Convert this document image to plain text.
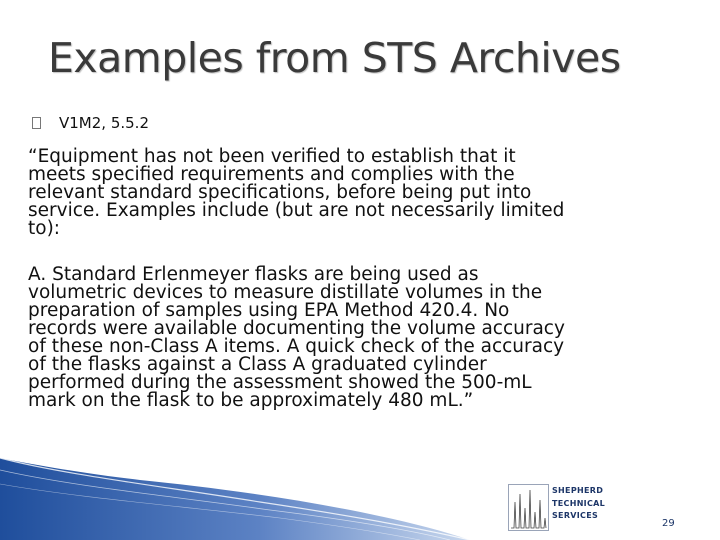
Examples from STS Archives
V1M2, 5.5.2
“Equipment has not been verified to establish that it
meets specified requirements and complies with the
relevant standard specifications, before being put into
service. Examples include (but are not necessarily limited
to):
A. Standard Erlenmeyer flasks are being used as
volumetric devices to measure distillate volumes in the
preparation of samples using EPA Method 420.4. No
records were available documenting the volume accuracy
of these non-Class A items. A quick check of the accuracy
of the flasks against a Class A graduated cylinder
performed during the assessment showed the 500-mL
mark on the flask to be approximately 480 mL.”
SHEPHERD
TECHNICAL
SERVICES
29
